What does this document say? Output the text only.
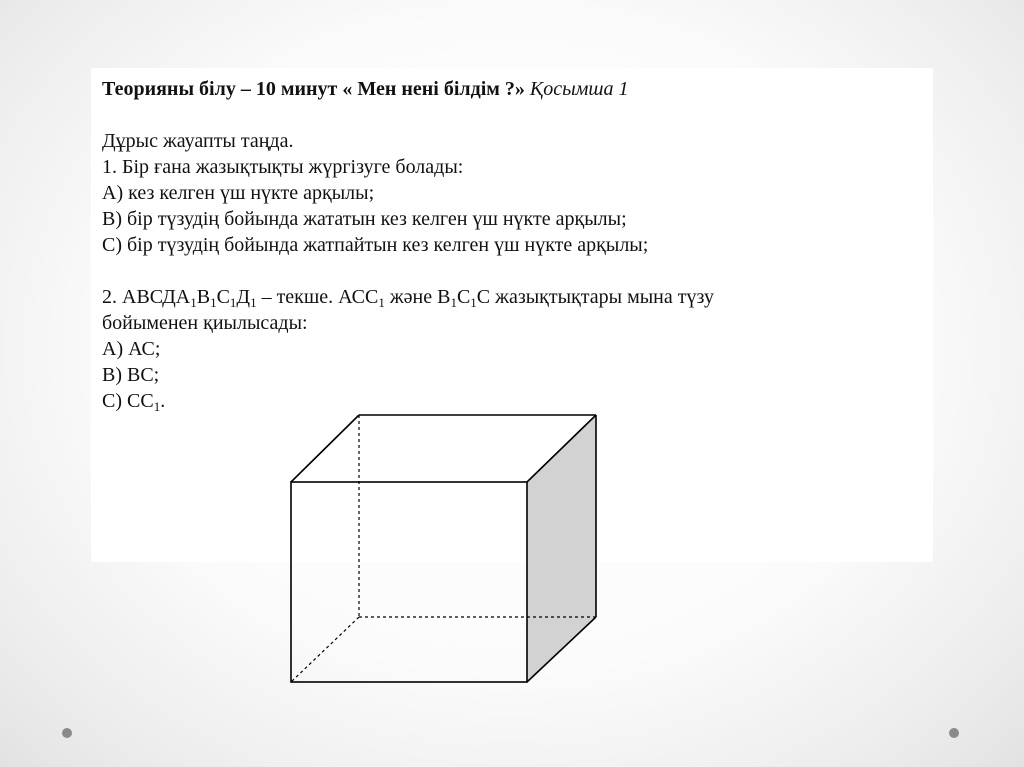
Теорияны білу – 10 минут « Мен нені білдім ?» Қосымша 1
Дұрыс жауапты таңда.
1. Бір ғана жазықтықты жүргізуге болады:
А) кез келген үш нүкте арқылы;
В) бір түзудің бойында жататын кез келген үш нүкте арқылы;
С) бір түзудің бойында жатпайтын кез келген үш нүкте арқылы;
2. $АВСДА_1В_1С_1Д_1$ – текше. $АСС_1$ және $В_1С_1С$ жазықтықтары мына түзу
бойыменен қиылысады:
А) АС;
В) ВС;
С) $СС_1$.
